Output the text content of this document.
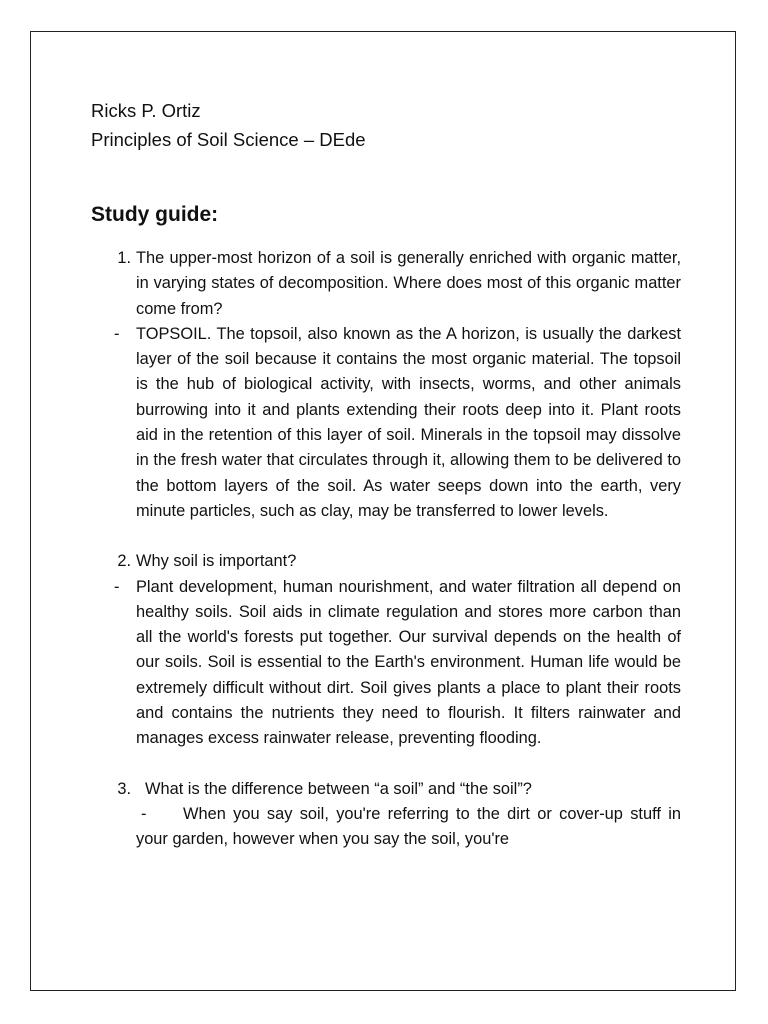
Ricks P. Ortiz

Principles of Soil Science – DEde

Study guide:
1. The upper-most horizon of a soil is generally enriched with organic matter, in varying states of decomposition. Where does most of this organic matter come from?
-	TOPSOIL. The topsoil, also known as the A horizon, is usually the darkest layer of the soil because it contains the most organic material. The topsoil is the hub of biological activity, with insects, worms, and other animals burrowing into it and plants extending their roots deep into it. Plant roots aid in the retention of this layer of soil. Minerals in the topsoil may dissolve in the fresh water that circulates through it, allowing them to be delivered to the bottom layers of the soil. As water seeps down into the earth, very minute particles, such as clay, may be transferred to lower levels.
2. Why soil is important?
-	Plant development, human nourishment, and water filtration all depend on healthy soils. Soil aids in climate regulation and stores more carbon than all the world's forests put together. Our survival depends on the health of our soils. Soil is essential to the Earth's environment. Human life would be extremely difficult without dirt. Soil gives plants a place to plant their roots and contains the nutrients they need to flourish. It filters rainwater and manages excess rainwater release, preventing flooding.
3. What is the difference between “a soil” and “the soil”?
- When you say soil, you're referring to the dirt or cover-up stuff in your garden, however when you say the soil, you're
